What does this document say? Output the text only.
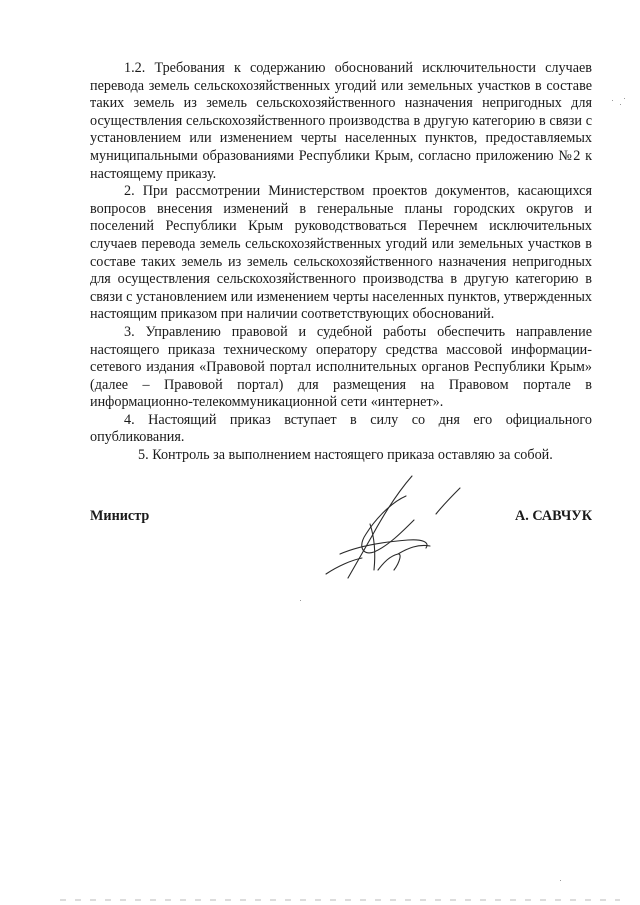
1.2. Требования к содержанию обоснований исключительности случаев перевода земель сельскохозяйственных угодий или земельных участков в составе таких земель из земель сельскохозяйственного назначения непригодных для осуществления сельскохозяйственного производства в другую категорию в связи с установлением или изменением черты населенных пунктов, предоставляемых муниципальными образованиями Республики Крым, согласно приложению №2 к настоящему приказу.

2. При рассмотрении Министерством проектов документов, касающихся вопросов внесения изменений в генеральные планы городских округов и поселений Республики Крым руководствоваться Перечнем исключительных случаев перевода земель сельскохозяйственных угодий или земельных участков в составе таких земель из земель сельскохозяйственного назначения непригодных для осуществления сельскохозяйственного производства в другую категорию в связи с установлением или изменением черты населенных пунктов, утвержденных настоящим приказом при наличии соответствующих обоснований.

3. Управлению правовой и судебной работы обеспечить направление настоящего приказа техническому оператору средства массовой информации-сетевого издания «Правовой портал исполнительных органов Республики Крым» (далее – Правовой портал) для размещения на Правовом портале в информационно-телекоммуникационной сети «интернет».

4. Настоящий приказ вступает в силу со дня его официального опубликования.

5. Контроль за выполнением настоящего приказа оставляю за собой.

Министр	А. САВЧУК
